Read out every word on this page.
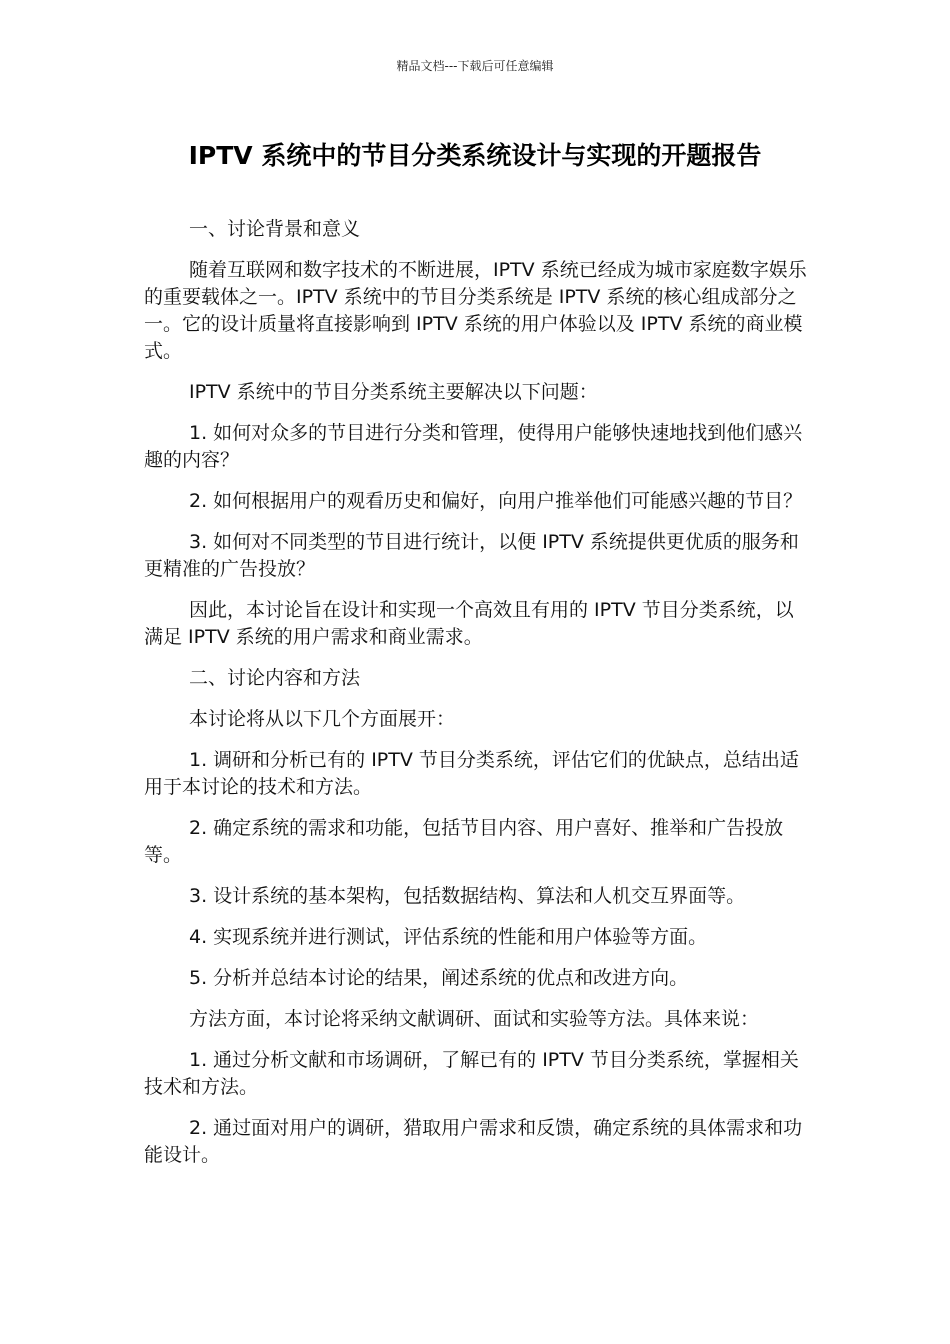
精品文档---下载后可任意编辑
IPTV 系统中的节目分类系统设计与实现的开题报告

一、讨论背景和意义

随着互联网和数字技术的不断进展，IPTV 系统已经成为城市家庭数字娱乐的重要载体之一。IPTV 系统中的节目分类系统是 IPTV 系统的核心组成部分之一。它的设计质量将直接影响到 IPTV 系统的用户体验以及 IPTV 系统的商业模式。

IPTV 系统中的节目分类系统主要解决以下问题：

1. 如何对众多的节目进行分类和管理，使得用户能够快速地找到他们感兴趣的内容？

2. 如何根据用户的观看历史和偏好，向用户推举他们可能感兴趣的节目？

3. 如何对不同类型的节目进行统计，以便 IPTV 系统提供更优质的服务和更精准的广告投放？

因此，本讨论旨在设计和实现一个高效且有用的 IPTV 节目分类系统，以满足 IPTV 系统的用户需求和商业需求。

二、讨论内容和方法

本讨论将从以下几个方面展开：

1. 调研和分析已有的 IPTV 节目分类系统，评估它们的优缺点，总结出适用于本讨论的技术和方法。

2. 确定系统的需求和功能，包括节目内容、用户喜好、推举和广告投放等。

3. 设计系统的基本架构，包括数据结构、算法和人机交互界面等。

4. 实现系统并进行测试，评估系统的性能和用户体验等方面。

5. 分析并总结本讨论的结果，阐述系统的优点和改进方向。

方法方面，本讨论将采纳文献调研、面试和实验等方法。具体来说：

1. 通过分析文献和市场调研，了解已有的 IPTV 节目分类系统，掌握相关技术和方法。

2. 通过面对用户的调研，猎取用户需求和反馈，确定系统的具体需求和功能设计。
